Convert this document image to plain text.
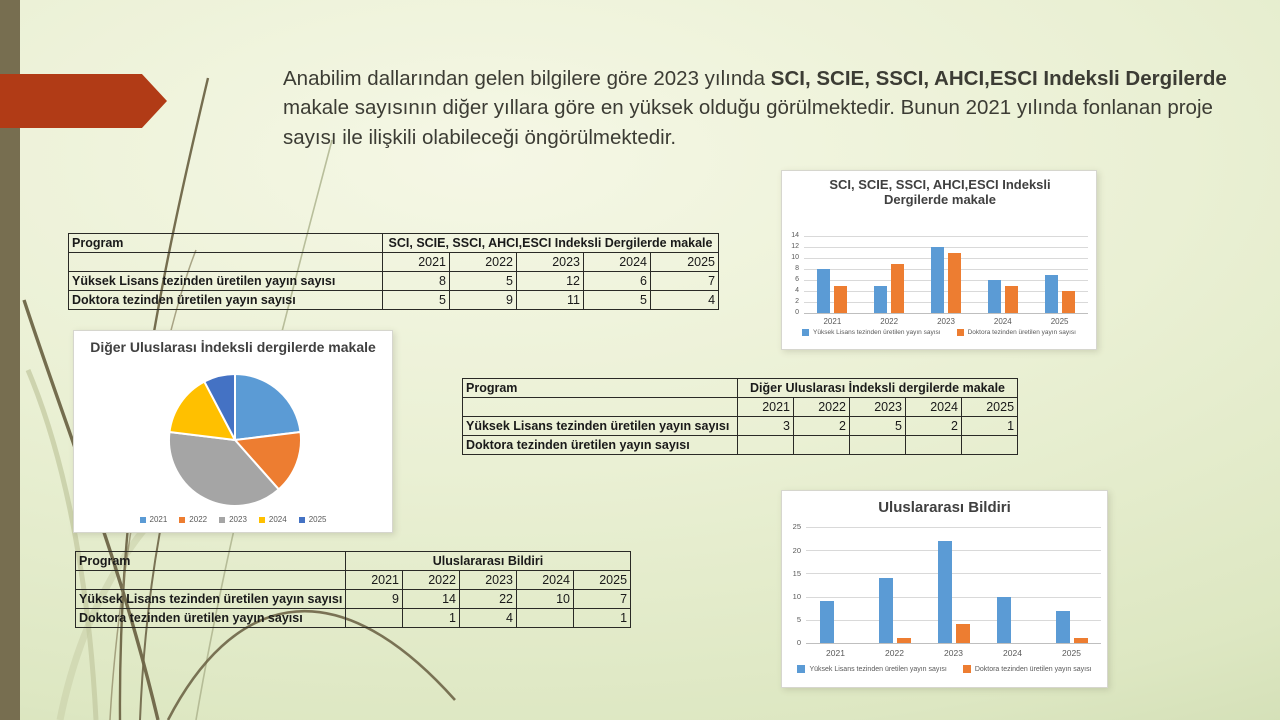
Anabilim dallarından gelen bilgilere göre 2023 yılında SCI, SCIE, SSCI, AHCI,ESCI Indeksli Dergilerde makale sayısının diğer yıllara göre en yüksek olduğu görülmektedir. Bunun 2021 yılında fonlanan proje sayısı ile ilişkili olabileceği öngörülmektedir.
Program	SCI, SCIE, SSCI, AHCI,ESCI Indeksli Dergilerde makale				
	2021	2022	2023	2024	2025
Yüksek Lisans tezinden üretilen yayın sayısı	8	5	12	6	7
Doktora tezinden üretilen yayın sayısı	5	9	11	5	4
Program	Diğer Uluslarası İndeksli dergilerde makale				
	2021	2022	2023	2024	2025
Yüksek Lisans tezinden üretilen yayın sayısı	3	2	5	2	1
Doktora tezinden üretilen yayın sayısı					
Program	Uluslararası Bildiri				
	2021	2022	2023	2024	2025
Yüksek Lisans tezinden üretilen yayın sayısı	9	14	22	10	7
Doktora tezinden üretilen yayın sayısı		1	4		1
SCI, SCIE, SSCI, AHCI,ESCI Indeksli Dergilerde makale
0
2
4
6
8
10
12
14
2021	2022	2023	2024	2025
Yüksek Lisans tezinden üretilen yayın sayısı	Doktora tezinden üretilen yayın sayısı
Diğer Uluslarası İndeksli dergilerde makale
2021	2022	2023	2024	2025
Uluslararası Bildiri
0
5
10
15
20
25
2021	2022	2023	2024	2025
Yüksek Lisans tezinden üretilen yayın sayısı	Doktora tezinden üretilen yayın sayısı
